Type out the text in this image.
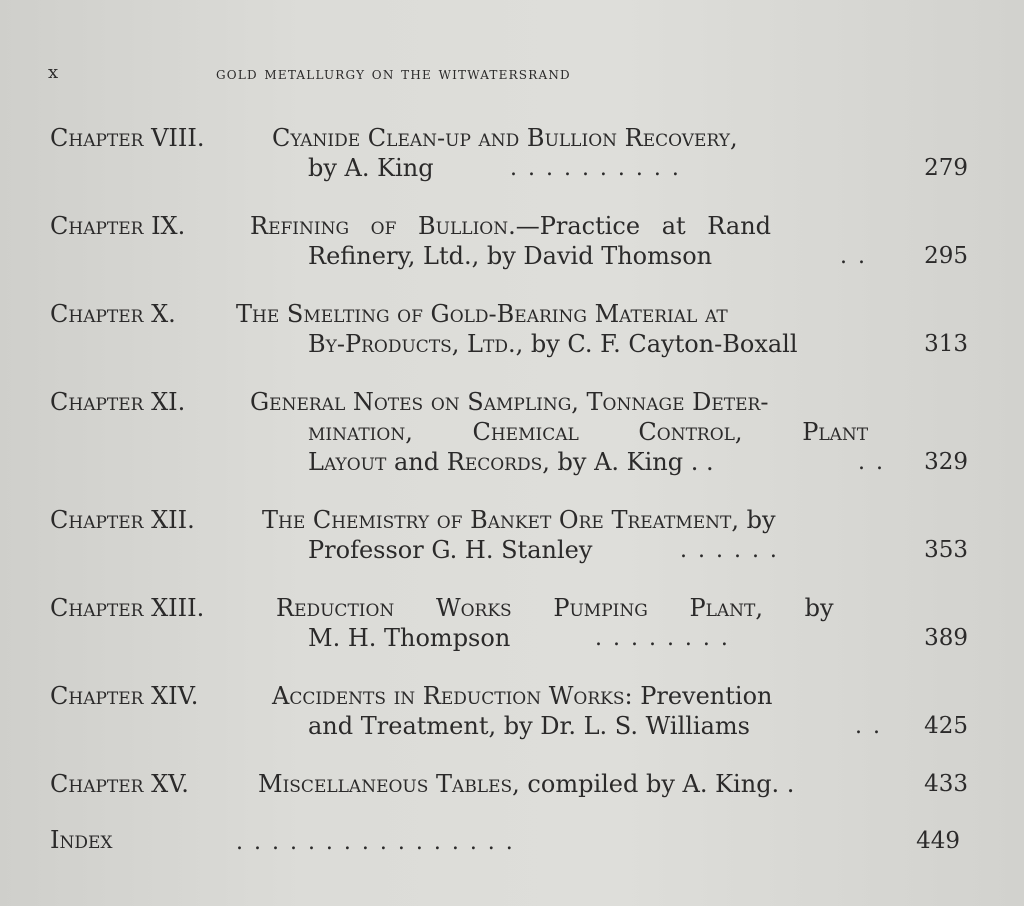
x	gold metallurgy on the witwatersrand
Chapter VIII.	Cyanide Clean-up and Bullion Recovery,
by A. King	. . . . . . . . . .	279
Chapter IX.	Refining of Bullion.—Practice at Rand
Refinery, Ltd., by David Thomson	. .	295
Chapter X.	The Smelting of Gold-Bearing Material at
By-Products, Ltd., by C. F. Cayton-Boxall	313
Chapter XI.	General Notes on Sampling, Tonnage Deter-
mination, Chemical Control, Plant
Layout and Records, by A. King . .	. .	329
Chapter XII.	The Chemistry of Banket Ore Treatment, by
Professor G. H. Stanley	. . . . . .	353
Chapter XIII.	Reduction Works Pumping Plant, by
M. H. Thompson	. . . . . . . .	389
Chapter XIV.	Accidents in Reduction Works: Prevention
and Treatment, by Dr. L. S. Williams	. .	425
Chapter XV.	Miscellaneous Tables, compiled by A. King. .	433
Index	. . . . . . . . . . . . . . . .	449
